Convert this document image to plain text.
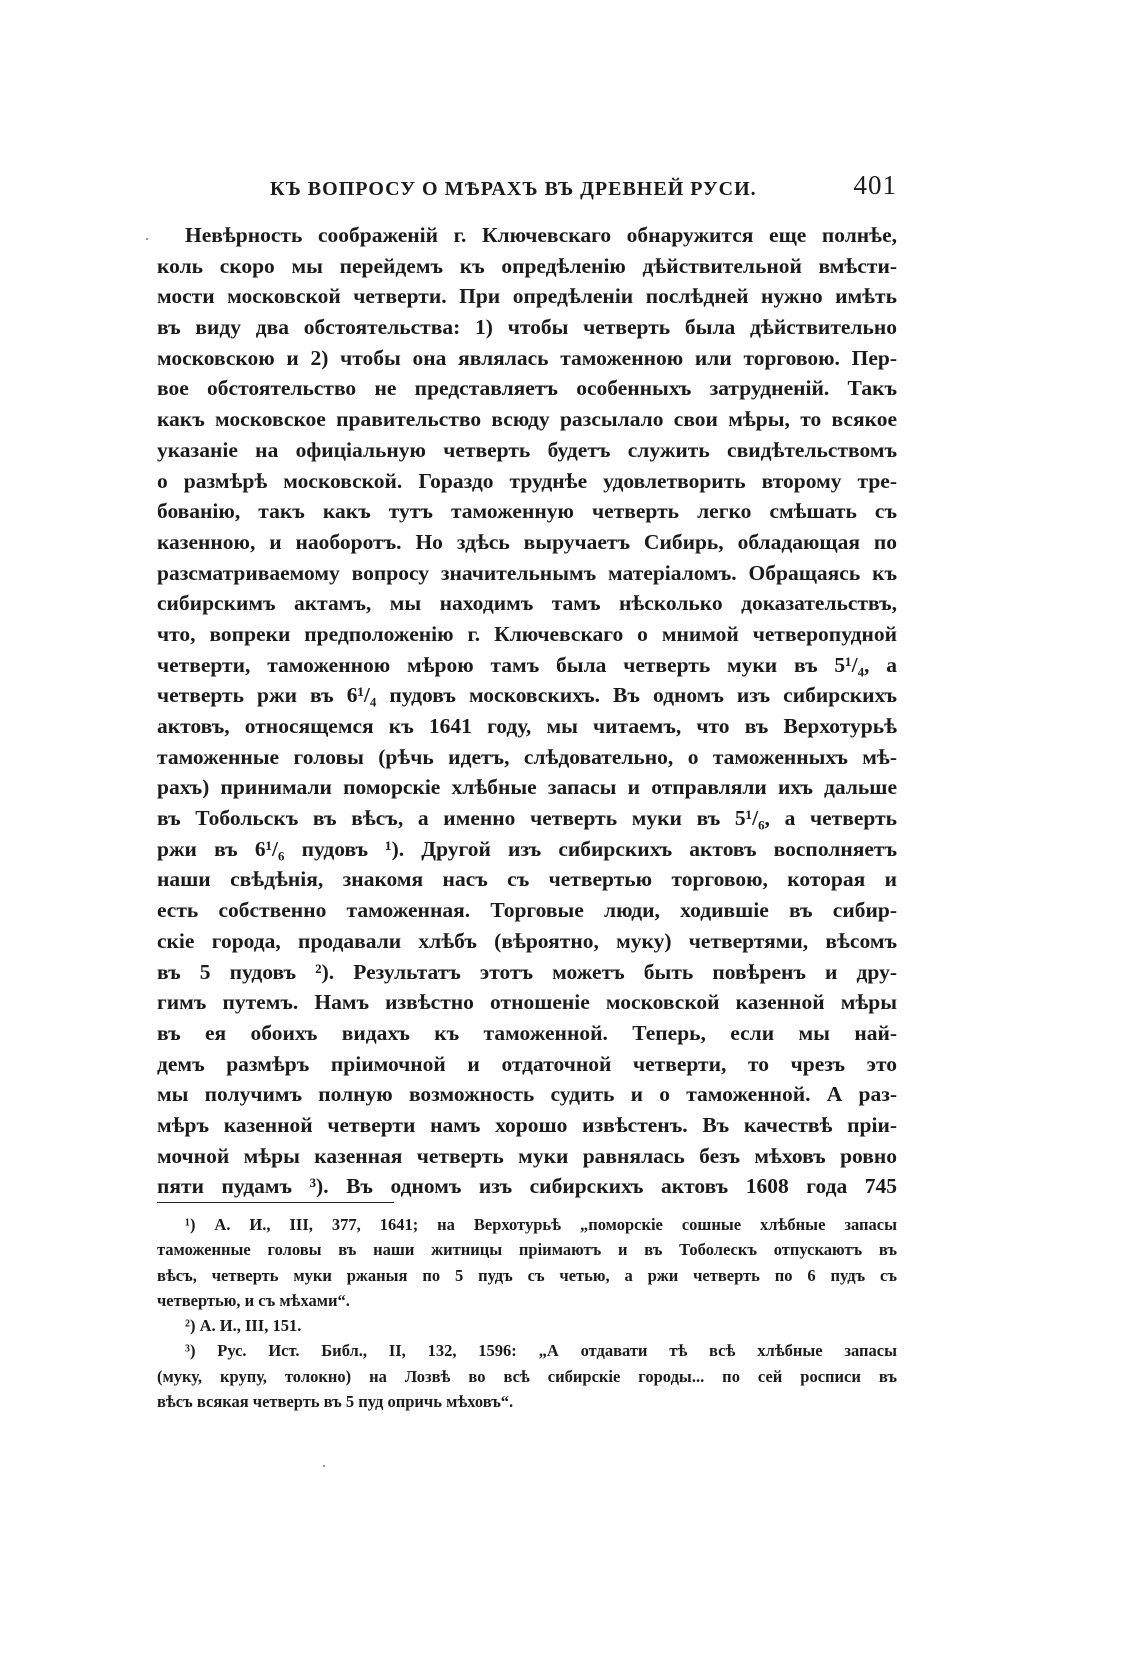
КЪ ВОПРОСУ О МѢРАХЪ ВЪ ДРЕВНЕЙ РУСИ.	401
Невѣрность соображеній г. Ключевскаго обнаружится еще полнѣе,
коль скоро мы перейдемъ къ опредѣленію дѣйствительной вмѣсти-
мости московской четверти. При опредѣленіи послѣдней нужно имѣть
въ виду два обстоятельства: 1) чтобы четверть была дѣйствительно
московскою и 2) чтобы она являлась таможенною или торговою. Пер-
вое обстоятельство не представляетъ особенныхъ затрудненій. Такъ
какъ московское правительство всюду разсылало свои мѣры, то всякое
указаніе на офиціальную четверть будетъ служить свидѣтельствомъ
о размѣрѣ московской. Гораздо труднѣе удовлетворить второму тре-
бованію, такъ какъ тутъ таможенную четверть легко смѣшать съ
казенною, и наоборотъ. Но здѣсь выручаетъ Сибирь, обладающая по
разсматриваемому вопросу значительнымъ матеріаломъ. Обращаясь къ
сибирскимъ актамъ, мы находимъ тамъ нѣсколько доказательствъ,
что, вопреки предположенію г. Ключевскаго о мнимой четверопудной
четверти, таможенною мѣрою тамъ была четверть муки въ 5¹/₄, а
четверть ржи въ 6¹/₄ пудовъ московскихъ. Въ одномъ изъ сибирскихъ
актовъ, относящемся къ 1641 году, мы читаемъ, что въ Верхотурьѣ
таможенные головы (рѣчь идетъ, слѣдовательно, о таможенныхъ мѣ-
рахъ) принимали поморскіе хлѣбные запасы и отправляли ихъ дальше
въ Тобольскъ въ вѣсъ, а именно четверть муки въ 5¹/₆, а четверть
ржи въ 6¹/₆ пудовъ ¹). Другой изъ сибирскихъ актовъ восполняетъ
наши свѣдѣнія, знакомя насъ съ четвертью торговою, которая и
есть собственно таможенная. Торговые люди, ходившіе въ сибир-
скіе города, продавали хлѣбъ (вѣроятно, муку) четвертями, вѣсомъ
въ 5 пудовъ ²). Результатъ этотъ можетъ быть повѣренъ и дру-
гимъ путемъ. Намъ извѣстно отношеніе московской казенной мѣры
въ ея обоихъ видахъ къ таможенной. Теперь, если мы най-
демъ размѣръ пріимочной и отдаточной четверти, то чрезъ это
мы получимъ полную возможность судить и о таможенной. А раз-
мѣръ казенной четверти намъ хорошо извѣстенъ. Въ качествѣ пріи-
мочной мѣры казенная четверть муки равнялась безъ мѣховъ ровно
пяти пудамъ ³). Въ одномъ изъ сибирскихъ актовъ 1608 года 745
¹) А. И., III, 377, 1641; на Верхотурьѣ „поморскіе сошные хлѣбные запасы
таможенные головы въ наши житницы пріимаютъ и въ Тоболескъ отпускаютъ въ
вѣсъ, четверть муки ржаныя по 5 пудъ съ четью, а ржи четверть по 6 пудъ съ
четвертью, и съ мѣхами“.
²) А. И., III, 151.
³) Рус. Ист. Библ., II, 132, 1596: „А отдавати тѣ всѣ хлѣбные запасы
(муку, крупу, толокно) на Лозвѣ во всѣ сибирскіе городы... по сей росписи въ
вѣсъ всякая четверть въ 5 пуд опричь мѣховъ“.
